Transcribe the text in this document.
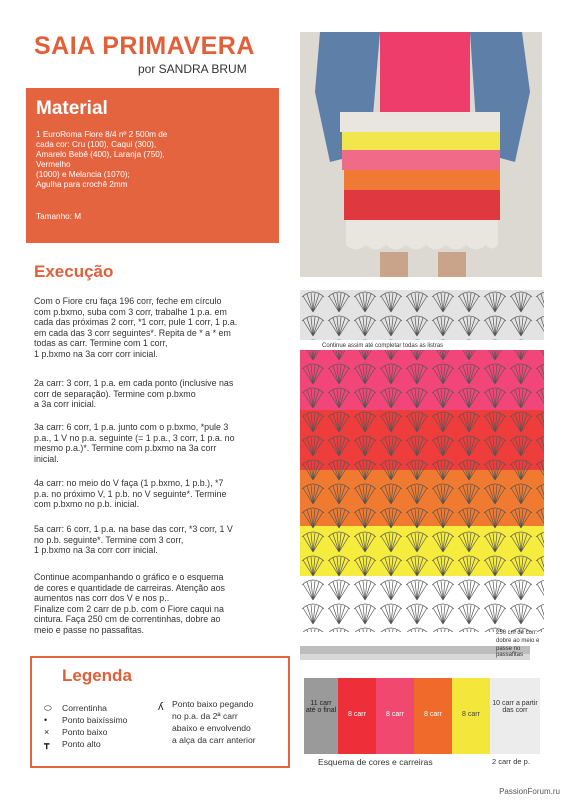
SAIA PRIMAVERA
por SANDRA BRUM
Material
1 EuroRoma Fiore 8/4 nº 2 500m de
cada cor: Cru (100), Caqui (300),
Amarelo Bebê (400), Laranja (750),
Vermelho
(1000) e Melancia (1070);
Agulha para crochê 2mm
Tamanho: M
Execução
Com o Fiore cru faça 196 corr, feche em círculo
com p.bxmo, suba com 3 corr, trabalhe 1 p.a. em
cada das próximas 2 corr, *1 corr, pule 1 corr, 1 p.a.
em cada das 3 corr seguintes*. Repita de * a * em
todas as carr. Termine com 1 corr,
1 p.bxmo na 3a corr corr inicial.
2a carr: 3 corr, 1 p.a. em cada ponto (inclusive nas
corr de separação). Termine com p.bxmo
a 3a corr inicial.
3a carr: 6 corr, 1 p.a. junto com o p.bxmo, *pule 3
p.a., 1 V no p.a. seguinte (= 1 p.a., 3 corr, 1 p.a. no
mesmo p.a.)*. Termine com p.bxmo na 3a corr
inicial.
4a carr: no meio do V faça (1 p.bxmo, 1 p.b.), *7
p.a. no próximo V, 1 p.b. no V seguinte*. Termine
com p.bxmo no p.b. inicial.
5a carr: 6 corr, 1 p.a. na base das corr, *3 corr, 1 V
no p.b. seguinte*. Termine com 3 corr,
1 p.bxmo na 3a corr corr inicial.
Continue acompanhando o gráfico e o esquema
de cores e quantidade de carreiras. Atenção aos
aumentos nas corr dos V e nos p..
Finalize com 2 carr de p.b. com o Fiore caqui na
cintura. Faça 250 cm de correntinhas, dobre ao
meio e passe no passafitas.
Continue assim até completar todas as listras
250 cm de corr:
dobre ao meio e
passe no passafitas
11 carr até o final
8 carr	8 carr	8 carr	8 carr
10 carr a partir das corr
Esquema de cores e carreiras	2 carr de p.
Legenda
⬭ Correntinha
• Ponto baixíssimo
× Ponto baixo
┳ Ponto alto
ʎ Ponto baixo pegando
no p.a. da 2ª carr
abaixo e envolvendo
a alça da carr anterior
PassionForum.ru
